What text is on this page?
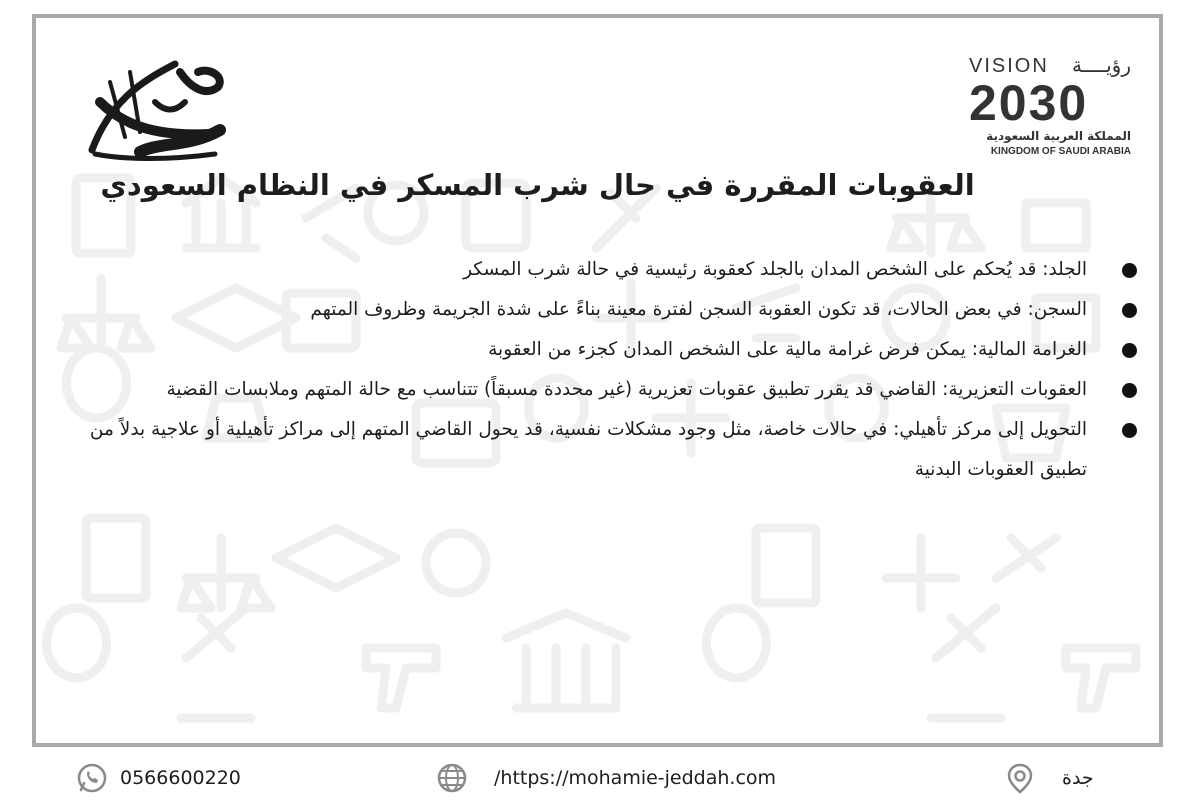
VISION رؤيــــة
2030
المملكة العربية السعودية
KINGDOM OF SAUDI ARABIA
العقوبات المقررة في حال شرب المسكر في النظام السعودي
الجلد: قد يُحكم على الشخص المدان بالجلد كعقوبة رئيسية في حالة شرب المسكر
السجن: في بعض الحالات، قد تكون العقوبة السجن لفترة معينة بناءً على شدة الجريمة وظروف المتهم
الغرامة المالية: يمكن فرض غرامة مالية على الشخص المدان كجزء من العقوبة
العقوبات التعزيرية: القاضي قد يقرر تطبيق عقوبات تعزيرية (غير محددة مسبقاً) تتناسب مع حالة المتهم وملابسات القضية
التحويل إلى مركز تأهيلي: في حالات خاصة، مثل وجود مشكلات نفسية، قد يحول القاضي المتهم إلى مراكز تأهيلية أو علاجية بدلاً من تطبيق العقوبات البدنية
0566600220	/https://mohamie-jeddah.com	جدة
